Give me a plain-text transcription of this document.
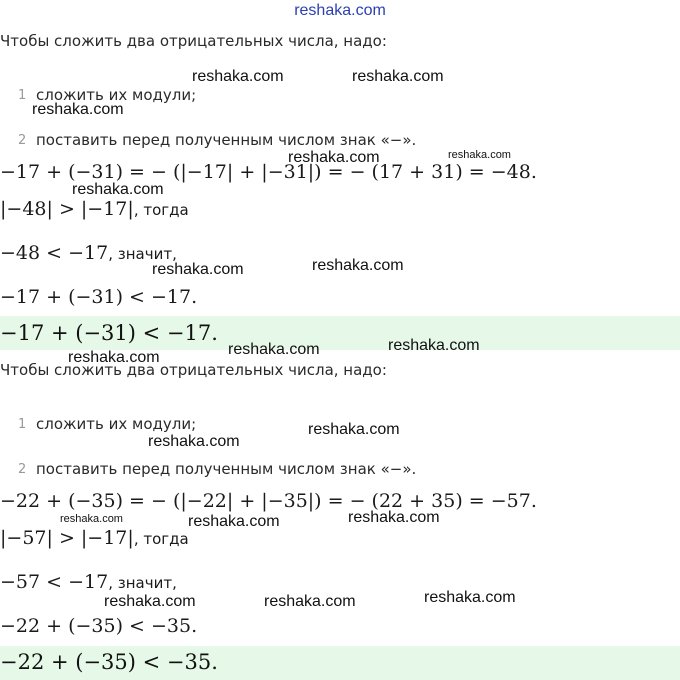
reshaka.com
Чтобы сложить два отрицательных числа, надо:
1 сложить их модули;
2 поставить перед полученным числом знак «−».
−17 + (−31) = − (|−17| + |−31|) = − (17 + 31) = −48.
|−48| > |−17|, тогда
−48 < −17, значит,
−17 + (−31) < −17.
−17 + (−31) < −17.
Чтобы сложить два отрицательных числа, надо:
1 сложить их модули;
2 поставить перед полученным числом знак «−».
−22 + (−35) = − (|−22| + |−35|) = − (22 + 35) = −57.
|−57| > |−17|, тогда
−57 < −17, значит,
−22 + (−35) < −35.
−22 + (−35) < −35.
reshaka.com	reshaka.com
reshaka.com
reshaka.com	reshaka.com
reshaka.com
reshaka.com	reshaka.com
reshaka.com	reshaka.com	reshaka.com
reshaka.com
reshaka.com
reshaka.com	reshaka.com	reshaka.com
reshaka.com	reshaka.com	reshaka.com
